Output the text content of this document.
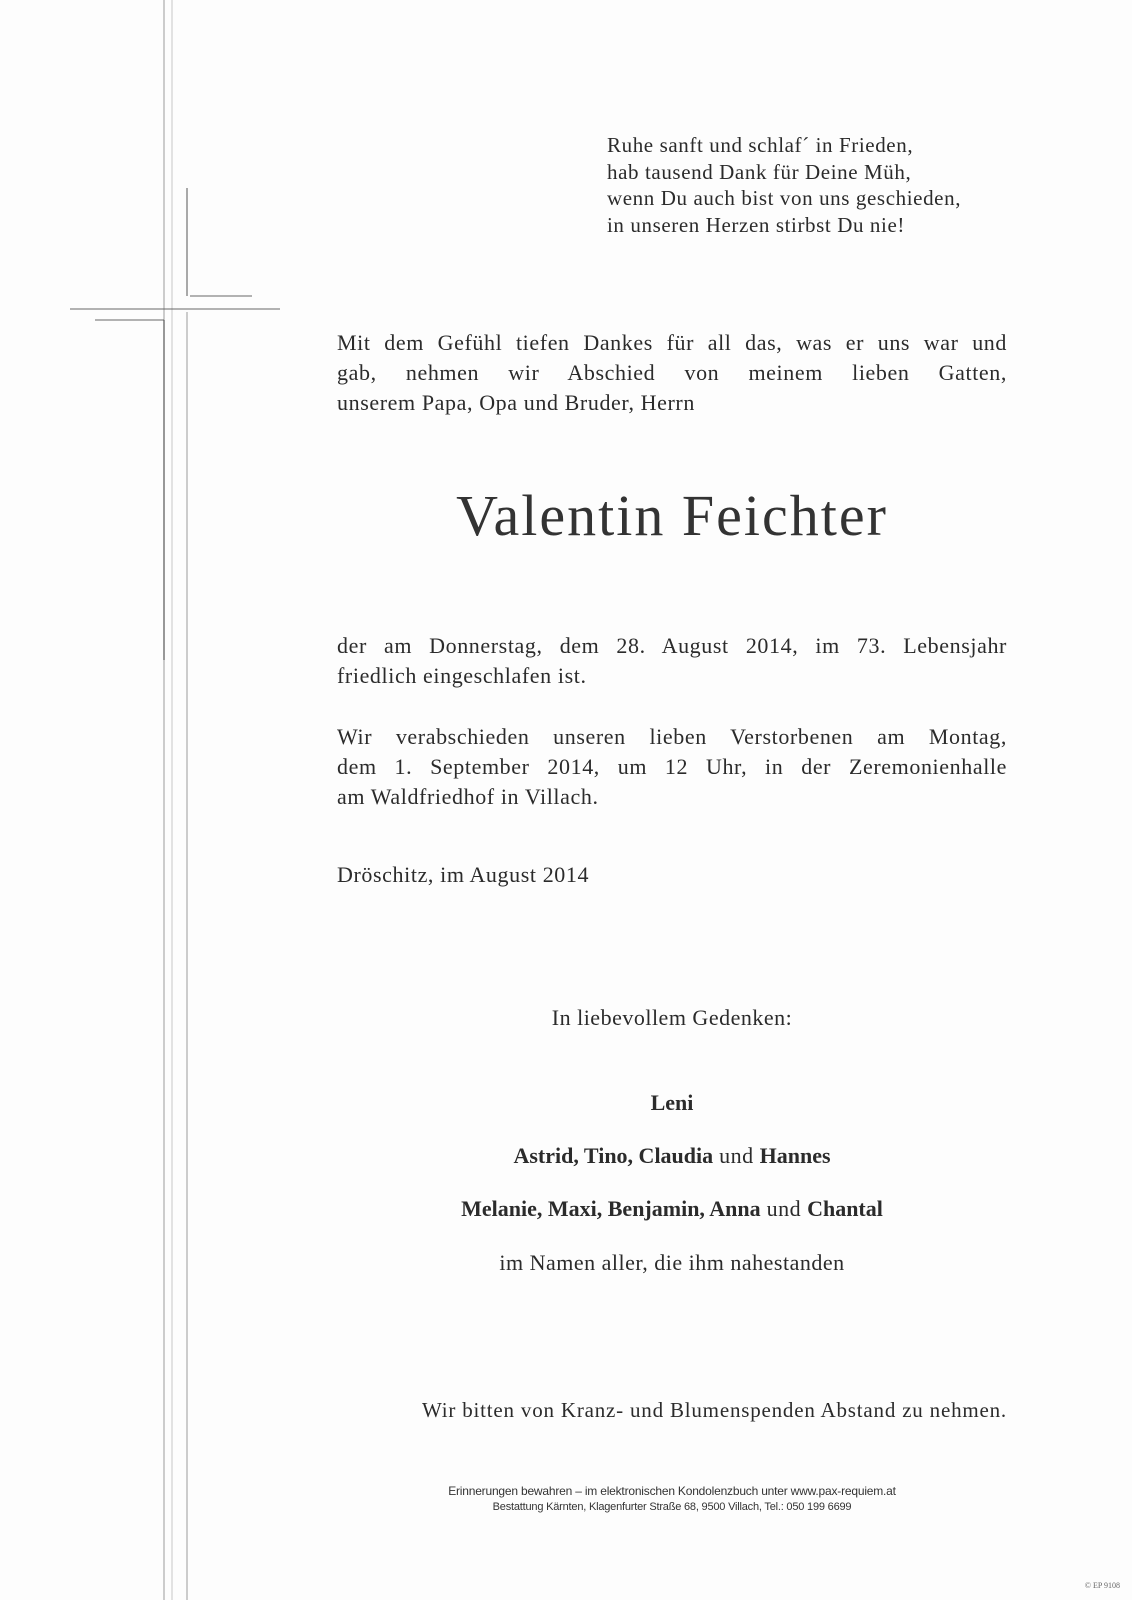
Ruhe sanft und schlaf´ in Frieden,
hab tausend Dank für Deine Müh,
wenn Du auch bist von uns geschieden,
in unseren Herzen stirbst Du nie!
Mit dem Gefühl tiefen Dankes für all das, was er uns war und
gab, nehmen wir Abschied von meinem lieben Gatten,
unserem Papa, Opa und Bruder, Herrn
Valentin Feichter
der am Donnerstag, dem 28. August 2014, im 73. Lebensjahr
friedlich eingeschlafen ist.
Wir verabschieden unseren lieben Verstorbenen am Montag,
dem 1. September 2014, um 12 Uhr, in der Zeremonienhalle
am Waldfriedhof in Villach.
Dröschitz, im August 2014
In liebevollem Gedenken:
Leni
Astrid, Tino, Claudia und Hannes
Melanie, Maxi, Benjamin, Anna und Chantal
im Namen aller, die ihm nahestanden
Wir bitten von Kranz- und Blumenspenden Abstand zu nehmen.
Erinnerungen bewahren – im elektronischen Kondolenzbuch unter www.pax-requiem.at
Bestattung Kärnten, Klagenfurter Straße 68, 9500 Villach, Tel.: 050 199 6699
© EP 9108
